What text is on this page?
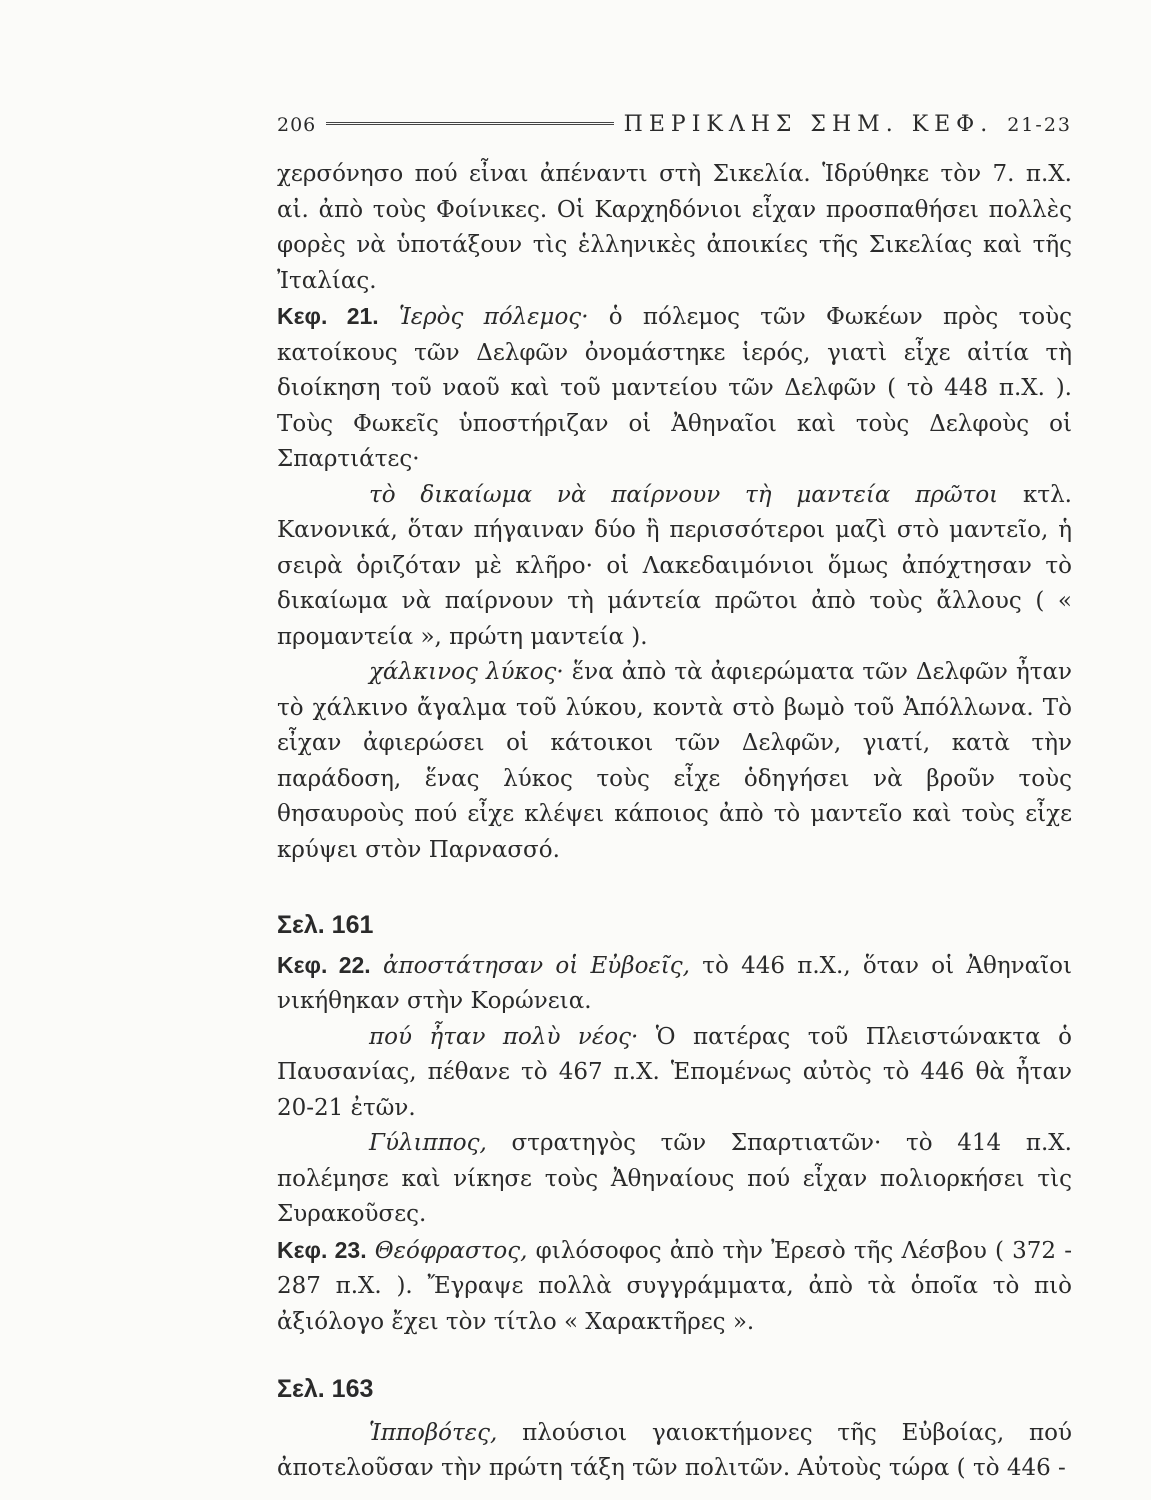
206	ΠΕΡΙΚΛΗΣ ΣΗΜ. ΚΕΦ. 21-23

χερσόνησο πού εἶναι ἀπέναντι στὴ Σικελία. Ἱδρύθηκε τὸν 7. π.Χ. αἰ. ἀπὸ τοὺς Φοίνικες. Οἱ Καρχηδόνιοι εἶχαν προσπαθήσει πολλὲς φορὲς νὰ ὑποτάξουν τὶς ἑλληνικὲς ἀποικίες τῆς Σικελίας καὶ τῆς Ἰταλίας.

Κεφ. 21. Ἱερὸς πόλεμος· ὁ πόλεμος τῶν Φωκέων πρὸς τοὺς κατοίκους τῶν Δελφῶν ὀνομάστηκε ἱερός, γιατὶ εἶχε αἰτία τὴ διοίκηση τοῦ ναοῦ καὶ τοῦ μαντείου τῶν Δελφῶν ( τὸ 448 π.Χ. ). Τοὺς Φωκεῖς ὑποστήριζαν οἱ Ἀθηναῖοι καὶ τοὺς Δελφοὺς οἱ Σπαρτιάτες·

τὸ δικαίωμα νὰ παίρνουν τὴ μαντεία πρῶτοι κτλ. Κανονικά, ὅταν πήγαιναν δύο ἢ περισσότεροι μαζὶ στὸ μαντεῖο, ἡ σειρὰ ὁριζόταν μὲ κλῆρο· οἱ Λακεδαιμόνιοι ὅμως ἀπόχτησαν τὸ δικαίωμα νὰ παίρνουν τὴ μάντεία πρῶτοι ἀπὸ τοὺς ἄλλους ( « προμαντεία », πρώτη μαντεία ).

χάλκινος λύκος· ἕνα ἀπὸ τὰ ἀφιερώματα τῶν Δελφῶν ἦταν τὸ χάλκινο ἄγαλμα τοῦ λύκου, κοντὰ στὸ βωμὸ τοῦ Ἀπόλλωνα. Τὸ εἶχαν ἀφιερώσει οἱ κάτοικοι τῶν Δελφῶν, γιατί, κατὰ τὴν παράδοση, ἕνας λύκος τοὺς εἶχε ὁδηγήσει νὰ βροῦν τοὺς θησαυροὺς πού εἶχε κλέψει κάποιος ἀπὸ τὸ μαντεῖο καὶ τοὺς εἶχε κρύψει στὸν Παρνασσό.

Σελ. 161

Κεφ. 22. ἀποστάτησαν οἱ Εὐβοεῖς, τὸ 446 π.Χ., ὅταν οἱ Ἀθηναῖοι νικήθηκαν στὴν Κορώνεια.

πού ἦταν πολὺ νέος· Ὁ πατέρας τοῦ Πλειστώνακτα ὁ Παυσανίας, πέθανε τὸ 467 π.Χ. Ἑπομένως αὐτὸς τὸ 446 θὰ ἦταν 20-21 ἐτῶν.

Γύλιππος, στρατηγὸς τῶν Σπαρτιατῶν· τὸ 414 π.Χ. πολέμησε καὶ νίκησε τοὺς Ἀθηναίους πού εἶχαν πολιορκήσει τὶς Συρακοῦσες.

Κεφ. 23. Θεόφραστος, φιλόσοφος ἀπὸ τὴν Ἐρεσὸ τῆς Λέσβου ( 372 - 287 π.Χ. ). Ἔγραψε πολλὰ συγγράμματα, ἀπὸ τὰ ὁποῖα τὸ πιὸ ἀξιόλογο ἔχει τὸν τίτλο « Χαρακτῆρες ».

Σελ. 163

Ἱπποβότες, πλούσιοι γαιοκτήμονες τῆς Εὐβοίας, πού ἀποτελοῦσαν τὴν πρώτη τάξη τῶν πολιτῶν. Αὐτοὺς τώρα ( τὸ 446 -
